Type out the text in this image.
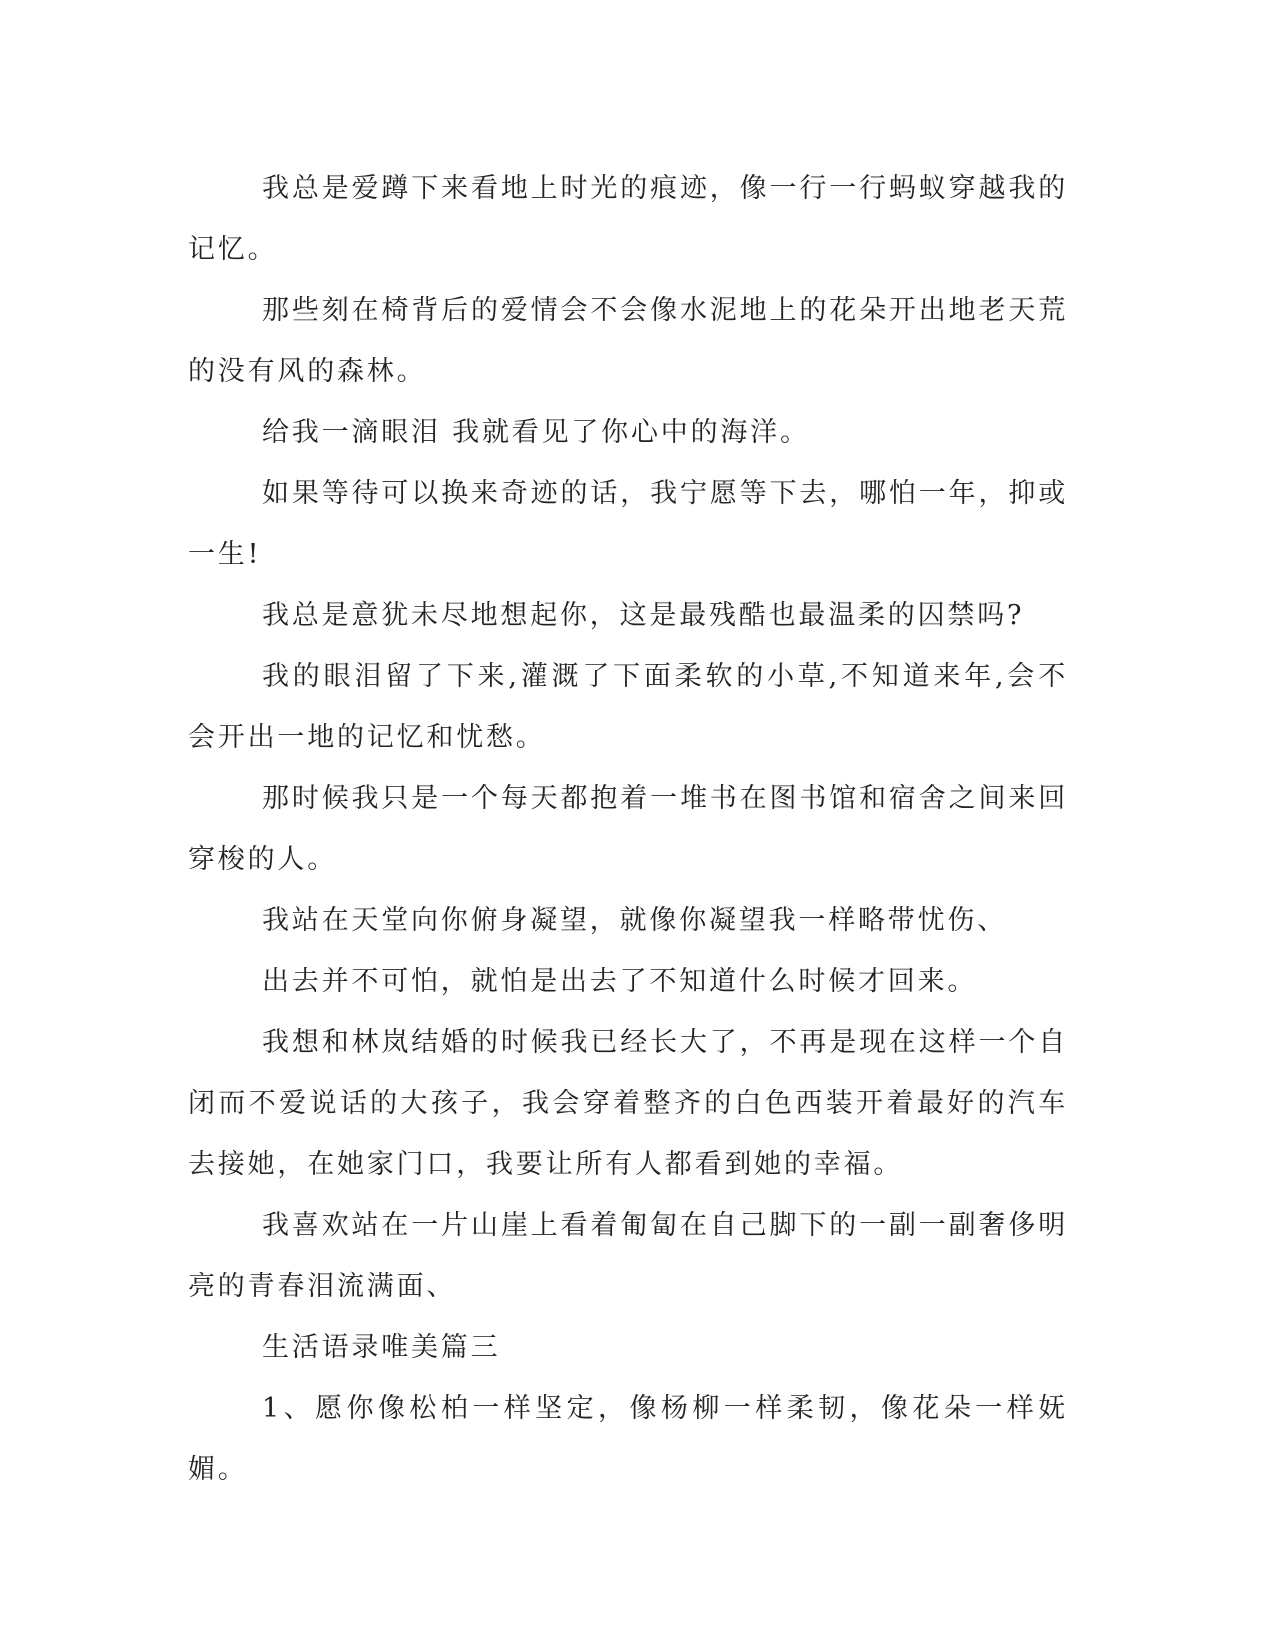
我总是爱蹲下来看地上时光的痕迹，像一行一行蚂蚁穿越我的记忆。

那些刻在椅背后的爱情会不会像水泥地上的花朵开出地老天荒的没有风的森林。

给我一滴眼泪 我就看见了你心中的海洋。

如果等待可以换来奇迹的话，我宁愿等下去，哪怕一年，抑或一生!

我总是意犹未尽地想起你，这是最残酷也最温柔的囚禁吗?

我的眼泪留了下来,灌溉了下面柔软的小草,不知道来年,会不会开出一地的记忆和忧愁。

那时候我只是一个每天都抱着一堆书在图书馆和宿舍之间来回穿梭的人。

我站在天堂向你俯身凝望，就像你凝望我一样略带忧伤、

出去并不可怕，就怕是出去了不知道什么时候才回来。

我想和林岚结婚的时候我已经长大了，不再是现在这样一个自闭而不爱说话的大孩子，我会穿着整齐的白色西装开着最好的汽车去接她，在她家门口，我要让所有人都看到她的幸福。

我喜欢站在一片山崖上看着匍匐在自己脚下的一副一副奢侈明亮的青春泪流满面、

生活语录唯美篇三

1、愿你像松柏一样坚定，像杨柳一样柔韧，像花朵一样妩媚。
